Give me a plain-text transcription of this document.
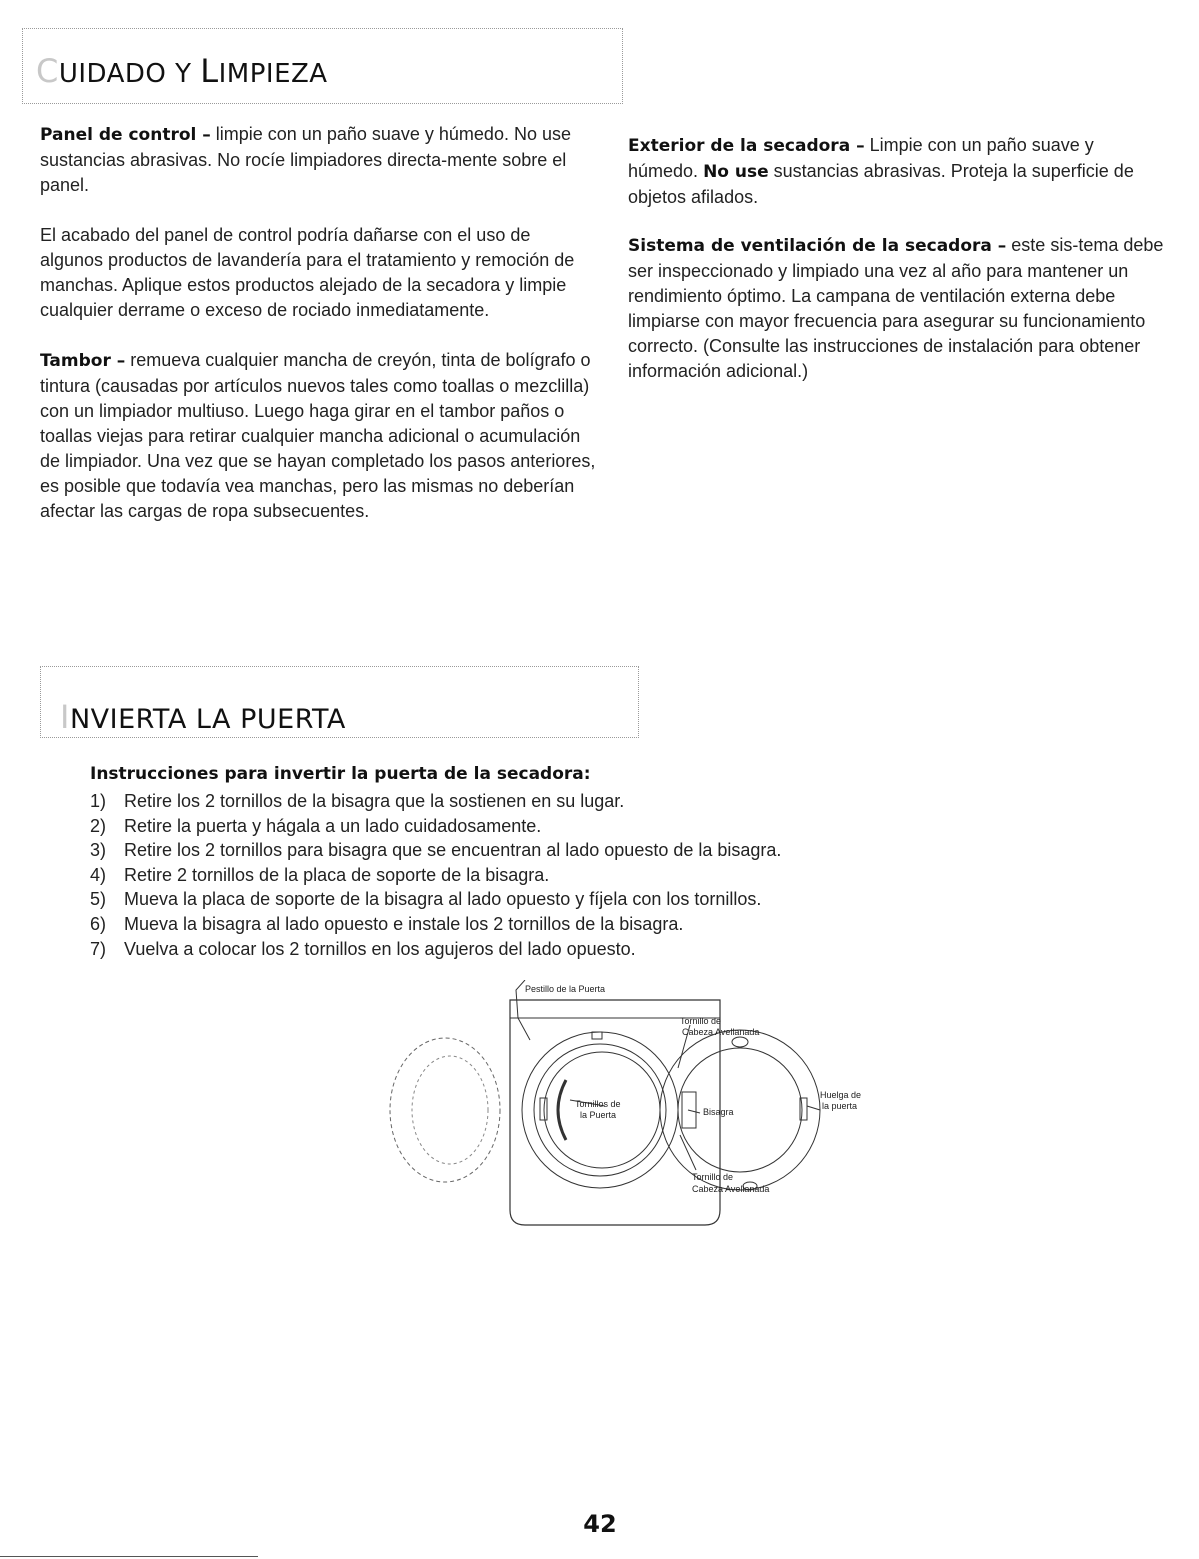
CUIDADO Y LIMPIEZA

Panel de control – limpie con un paño suave y húmedo. No use sustancias abrasivas. No rocíe limpiadores directa-mente sobre el panel.

El acabado del panel de control podría dañarse con el uso de algunos productos de lavandería para el tratamiento y remoción de manchas. Aplique estos productos alejado de la secadora y limpie cualquier derrame o exceso de rociado inmediatamente.

Tambor – remueva cualquier mancha de creyón, tinta de bolígrafo o tintura (causadas por artículos nuevos tales como toallas o mezclilla) con un limpiador multiuso. Luego haga girar en el tambor paños o toallas viejas para retirar cualquier mancha adicional o acumulación de limpiador. Una vez que se hayan completado los pasos anteriores, es posible que todavía vea manchas, pero las mismas no deberían afectar las cargas de ropa subsecuentes.

Exterior de la secadora – Limpie con un paño suave y húmedo. No use sustancias abrasivas. Proteja la superficie de objetos afilados.

Sistema de ventilación de la secadora – este sis-tema debe ser inspeccionado y limpiado una vez al año para mantener un rendimiento óptimo. La campana de ventilación externa debe limpiarse con mayor frecuencia para asegurar su funcionamiento correcto. (Consulte las instrucciones de instalación para obtener información adicional.)

INVIERTA LA PUERTA
Instrucciones para invertir la puerta de la secadora:
1) Retire los 2 tornillos de la bisagra que la sostienen en su lugar.
2) Retire la puerta y hágala a un lado cuidadosamente.
3) Retire los 2 tornillos para bisagra que se encuentran al lado opuesto de la bisagra.
4) Retire 2 tornillos de la placa de soporte de la bisagra.
5) Mueva la placa de soporte de la bisagra al lado opuesto y fíjela con los tornillos.
6) Mueva la bisagra al lado opuesto e instale los 2 tornillos de la bisagra.
7) Vuelva a colocar los 2 tornillos en los agujeros del lado opuesto.
Pestillo de la Puerta
Tornillo de
Cabeza Avellanada
Tornillos de
la Puerta	Bisagra
Huelga de
la puerta
Tornillo de
Cabeza Avellanada
42
